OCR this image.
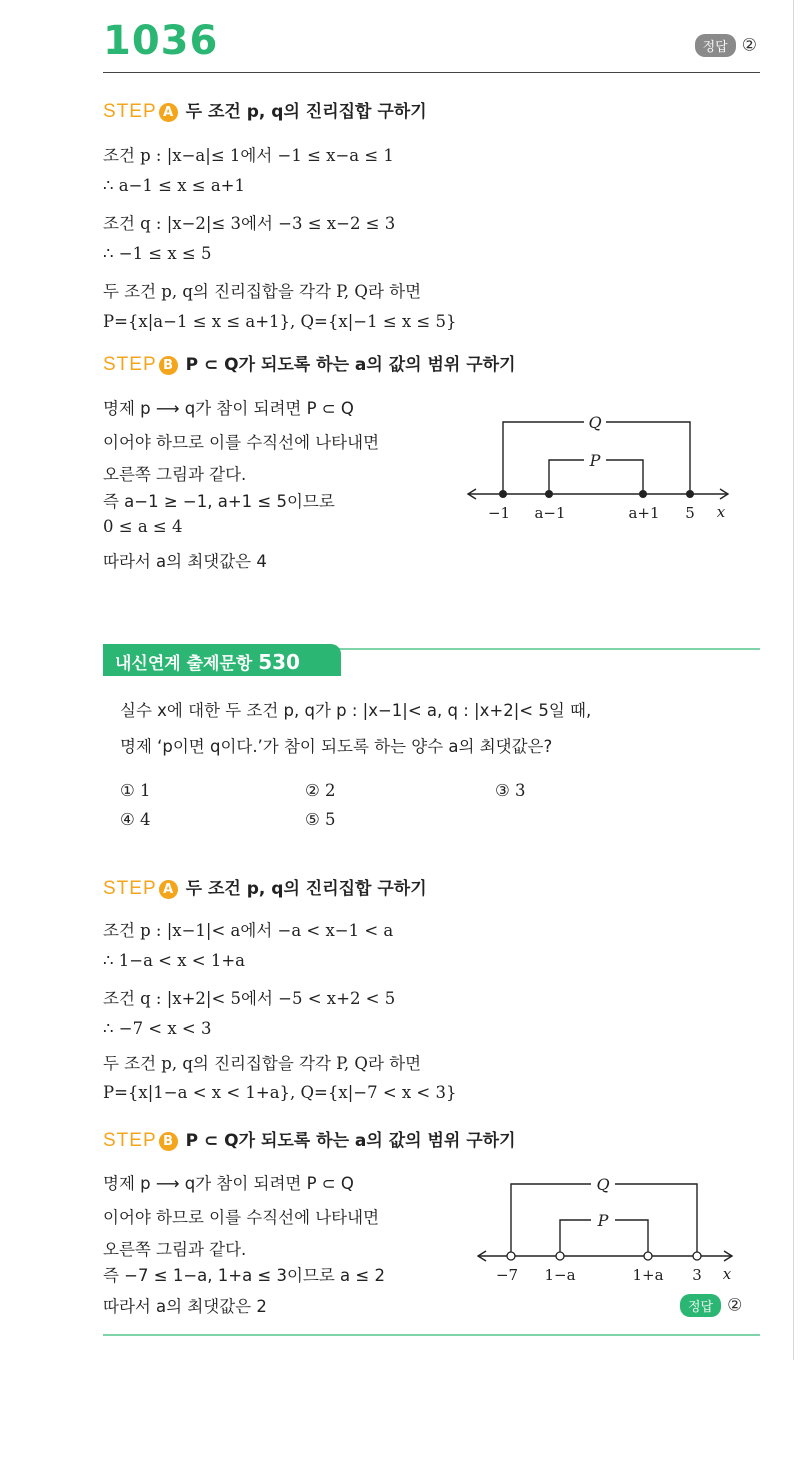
1036	정답 ②
STEP A 두 조건 p, q의 진리집합 구하기
조건 p : |x−a|≤ 1에서 −1 ≤ x−a ≤ 1
∴ a−1 ≤ x ≤ a+1
조건 q : |x−2|≤ 3에서 −3 ≤ x−2 ≤ 3
∴ −1 ≤ x ≤ 5
두 조건 p, q의 진리집합을 각각 P, Q라 하면
P={x|a−1 ≤ x ≤ a+1}, Q={x|−1 ≤ x ≤ 5}
STEP B P ⊂ Q가 되도록 하는 a의 값의 범위 구하기
명제 p ⟶ q가 참이 되려면 P ⊂ Q
이어야 하므로 이를 수직선에 나타내면
오른쪽 그림과 같다.
즉 a−1 ≥ −1, a+1 ≤ 5이므로
0 ≤ a ≤ 4
따라서 a의 최댓값은 4
Q
P
−1 a−1	a+1 5 x
내신연계 출제문항 530
실수 x에 대한 두 조건 p, q가 p : |x−1|< a, q : |x+2|< 5일 때,
명제 ‘p이면 q이다.’가 참이 되도록 하는 양수 a의 최댓값은?
① 1	② 2	③ 3
④ 4	⑤ 5
STEP A 두 조건 p, q의 진리집합 구하기
조건 p : |x−1|< a에서 −a < x−1 < a
∴ 1−a < x < 1+a
조건 q : |x+2|< 5에서 −5 < x+2 < 5
∴ −7 < x < 3
두 조건 p, q의 진리집합을 각각 P, Q라 하면
P={x|1−a < x < 1+a}, Q={x|−7 < x < 3}
STEP B P ⊂ Q가 되도록 하는 a의 값의 범위 구하기
명제 p ⟶ q가 참이 되려면 P ⊂ Q
이어야 하므로 이를 수직선에 나타내면
오른쪽 그림과 같다.
즉 −7 ≤ 1−a, 1+a ≤ 3이므로 a ≤ 2
따라서 a의 최댓값은 2
Q
P
−7 1−a	1+a 3 x
정답 ②
